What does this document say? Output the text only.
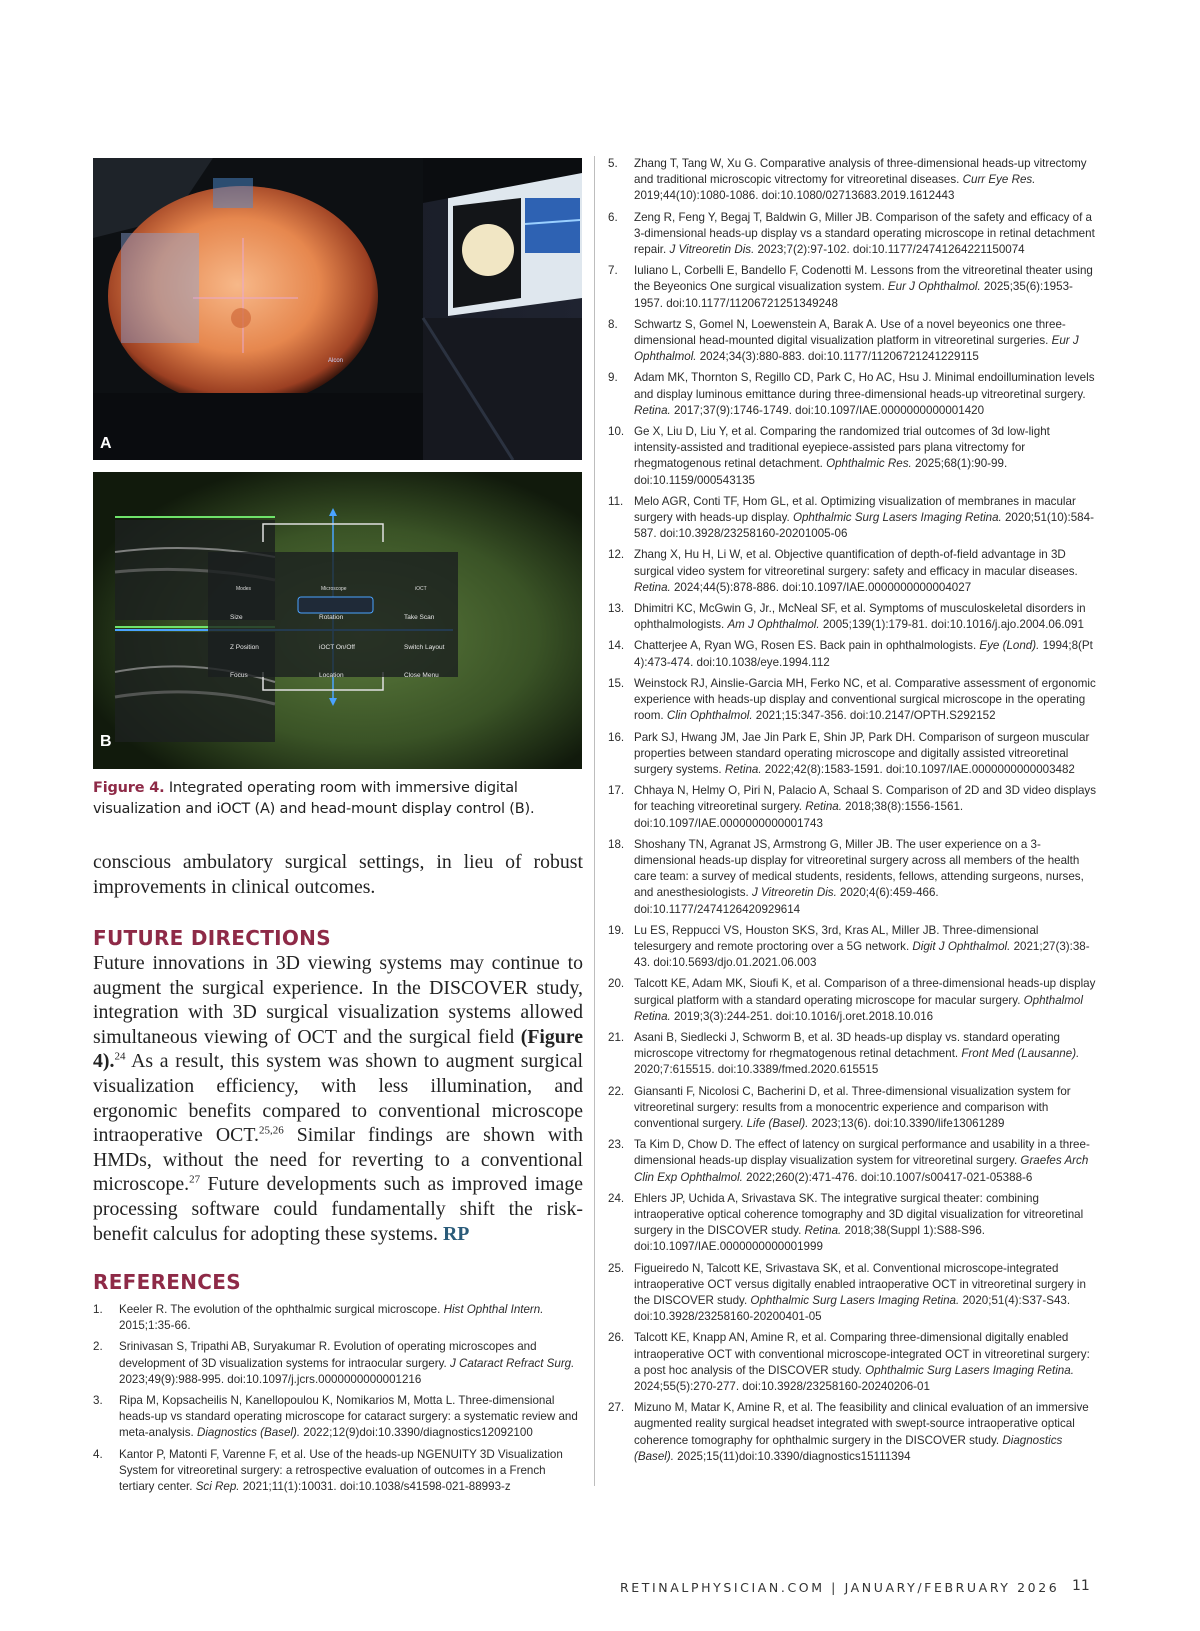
Alcon
A
Modes	Microscope	iOCT
Size	Rotation	Take Scan
Z Position	iOCT On/Off	Switch Layout
Focus	Location	Close Menu
B
Figure 4. Integrated operating room with immersive digital visualization and iOCT (A) and head-mount display control (B).
conscious ambulatory surgical settings, in lieu of robust improvements in clinical outcomes.
FUTURE DIRECTIONS
Future innovations in 3D viewing systems may continue to augment the surgical experience. In the DISCOVER study, integration with 3D surgical visualization systems allowed simultaneous viewing of OCT and the surgical field (Figure 4).$^{24}$ As a result, this system was shown to augment surgical visualization efficiency, with less illumination, and ergonomic benefits compared to conventional microscope intraoperative OCT.$^{25,26}$ Similar findings are shown with HMDs, without the need for reverting to a conventional microscope.$^{27}$ Future developments such as improved image processing software could fundamentally shift the risk-benefit calculus for adopting these systems. RP
REFERENCES
1. Keeler R. The evolution of the ophthalmic surgical microscope. Hist Ophthal Intern. 2015;1:35-66.
2. Srinivasan S, Tripathi AB, Suryakumar R. Evolution of operating microscopes and development of 3D visualization systems for intraocular surgery. J Cataract Refract Surg. 2023;49(9):988-995. doi:10.1097/j.jcrs.0000000000001216
3. Ripa M, Kopsacheilis N, Kanellopoulou K, Nomikarios M, Motta L. Three-dimensional heads-up vs standard operating microscope for cataract surgery: a systematic review and meta-analysis. Diagnostics (Basel). 2022;12(9)doi:10.3390/diagnostics12092100
4. Kantor P, Matonti F, Varenne F, et al. Use of the heads-up NGENUITY 3D Visualization System for vitreoretinal surgery: a retrospective evaluation of outcomes in a French tertiary center. Sci Rep. 2021;11(1):10031. doi:10.1038/s41598-021-88993-z
5. Zhang T, Tang W, Xu G. Comparative analysis of three-dimensional heads-up vitrectomy and traditional microscopic vitrectomy for vitreoretinal diseases. Curr Eye Res. 2019;44(10):1080-1086. doi:10.1080/02713683.2019.1612443
6. Zeng R, Feng Y, Begaj T, Baldwin G, Miller JB. Comparison of the safety and efficacy of a 3-dimensional heads-up display vs a standard operating microscope in retinal detachment repair. J Vitreoretin Dis. 2023;7(2):97-102. doi:10.1177/24741264221150074
7. Iuliano L, Corbelli E, Bandello F, Codenotti M. Lessons from the vitreoretinal theater using the Beyeonics One surgical visualization system. Eur J Ophthalmol. 2025;35(6):1953-1957. doi:10.1177/11206721251349248
8. Schwartz S, Gomel N, Loewenstein A, Barak A. Use of a novel beyeonics one three-dimensional head-mounted digital visualization platform in vitreoretinal surgeries. Eur J Ophthalmol. 2024;34(3):880-883. doi:10.1177/11206721241229115
9. Adam MK, Thornton S, Regillo CD, Park C, Ho AC, Hsu J. Minimal endoillumination levels and display luminous emittance during three-dimensional heads-up vitreoretinal surgery. Retina. 2017;37(9):1746-1749. doi:10.1097/IAE.0000000000001420
10. Ge X, Liu D, Liu Y, et al. Comparing the randomized trial outcomes of 3d low-light intensity-assisted and traditional eyepiece-assisted pars plana vitrectomy for rhegmatogenous retinal detachment. Ophthalmic Res. 2025;68(1):90-99. doi:10.1159/000543135
11. Melo AGR, Conti TF, Hom GL, et al. Optimizing visualization of membranes in macular surgery with heads-up display. Ophthalmic Surg Lasers Imaging Retina. 2020;51(10):584-587. doi:10.3928/23258160-20201005-06
12. Zhang X, Hu H, Li W, et al. Objective quantification of depth-of-field advantage in 3D surgical video system for vitreoretinal surgery: safety and efficacy in macular diseases. Retina. 2024;44(5):878-886. doi:10.1097/IAE.0000000000004027
13. Dhimitri KC, McGwin G, Jr., McNeal SF, et al. Symptoms of musculoskeletal disorders in ophthalmologists. Am J Ophthalmol. 2005;139(1):179-81. doi:10.1016/j.ajo.2004.06.091
14. Chatterjee A, Ryan WG, Rosen ES. Back pain in ophthalmologists. Eye (Lond). 1994;8(Pt 4):473-474. doi:10.1038/eye.1994.112
15. Weinstock RJ, Ainslie-Garcia MH, Ferko NC, et al. Comparative assessment of ergonomic experience with heads-up display and conventional surgical microscope in the operating room. Clin Ophthalmol. 2021;15:347-356. doi:10.2147/OPTH.S292152
16. Park SJ, Hwang JM, Jae Jin Park E, Shin JP, Park DH. Comparison of surgeon muscular properties between standard operating microscope and digitally assisted vitreoretinal surgery systems. Retina. 2022;42(8):1583-1591. doi:10.1097/IAE.0000000000003482
17. Chhaya N, Helmy O, Piri N, Palacio A, Schaal S. Comparison of 2D and 3D video displays for teaching vitreoretinal surgery. Retina. 2018;38(8):1556-1561. doi:10.1097/IAE.0000000000001743
18. Shoshany TN, Agranat JS, Armstrong G, Miller JB. The user experience on a 3-dimensional heads-up display for vitreoretinal surgery across all members of the health care team: a survey of medical students, residents, fellows, attending surgeons, nurses, and anesthesiologists. J Vitreoretin Dis. 2020;4(6):459-466. doi:10.1177/2474126420929614
19. Lu ES, Reppucci VS, Houston SKS, 3rd, Kras AL, Miller JB. Three-dimensional telesurgery and remote proctoring over a 5G network. Digit J Ophthalmol. 2021;27(3):38-43. doi:10.5693/djo.01.2021.06.003
20. Talcott KE, Adam MK, Sioufi K, et al. Comparison of a three-dimensional heads-up display surgical platform with a standard operating microscope for macular surgery. Ophthalmol Retina. 2019;3(3):244-251. doi:10.1016/j.oret.2018.10.016
21. Asani B, Siedlecki J, Schworm B, et al. 3D heads-up display vs. standard operating microscope vitrectomy for rhegmatogenous retinal detachment. Front Med (Lausanne). 2020;7:615515. doi:10.3389/fmed.2020.615515
22. Giansanti F, Nicolosi C, Bacherini D, et al. Three-dimensional visualization system for vitreoretinal surgery: results from a monocentric experience and comparison with conventional surgery. Life (Basel). 2023;13(6). doi:10.3390/life13061289
23. Ta Kim D, Chow D. The effect of latency on surgical performance and usability in a three-dimensional heads-up display visualization system for vitreoretinal surgery. Graefes Arch Clin Exp Ophthalmol. 2022;260(2):471-476. doi:10.1007/s00417-021-05388-6
24. Ehlers JP, Uchida A, Srivastava SK. The integrative surgical theater: combining intraoperative optical coherence tomography and 3D digital visualization for vitreoretinal surgery in the DISCOVER study. Retina. 2018;38(Suppl 1):S88-S96. doi:10.1097/IAE.0000000000001999
25. Figueiredo N, Talcott KE, Srivastava SK, et al. Conventional microscope-integrated intraoperative OCT versus digitally enabled intraoperative OCT in vitreoretinal surgery in the DISCOVER study. Ophthalmic Surg Lasers Imaging Retina. 2020;51(4):S37-S43. doi:10.3928/23258160-20200401-05
26. Talcott KE, Knapp AN, Amine R, et al. Comparing three-dimensional digitally enabled intraoperative OCT with conventional microscope-integrated OCT in vitreoretinal surgery: a post hoc analysis of the DISCOVER study. Ophthalmic Surg Lasers Imaging Retina. 2024;55(5):270-277. doi:10.3928/23258160-20240206-01
27. Mizuno M, Matar K, Amine R, et al. The feasibility and clinical evaluation of an immersive augmented reality surgical headset integrated with swept-source intraoperative optical coherence tomography for ophthalmic surgery in the DISCOVER study. Diagnostics (Basel). 2025;15(11)doi:10.3390/diagnostics15111394
RETINALPHYSICIAN.COM | JANUARY/FEBRUARY 2026 11
